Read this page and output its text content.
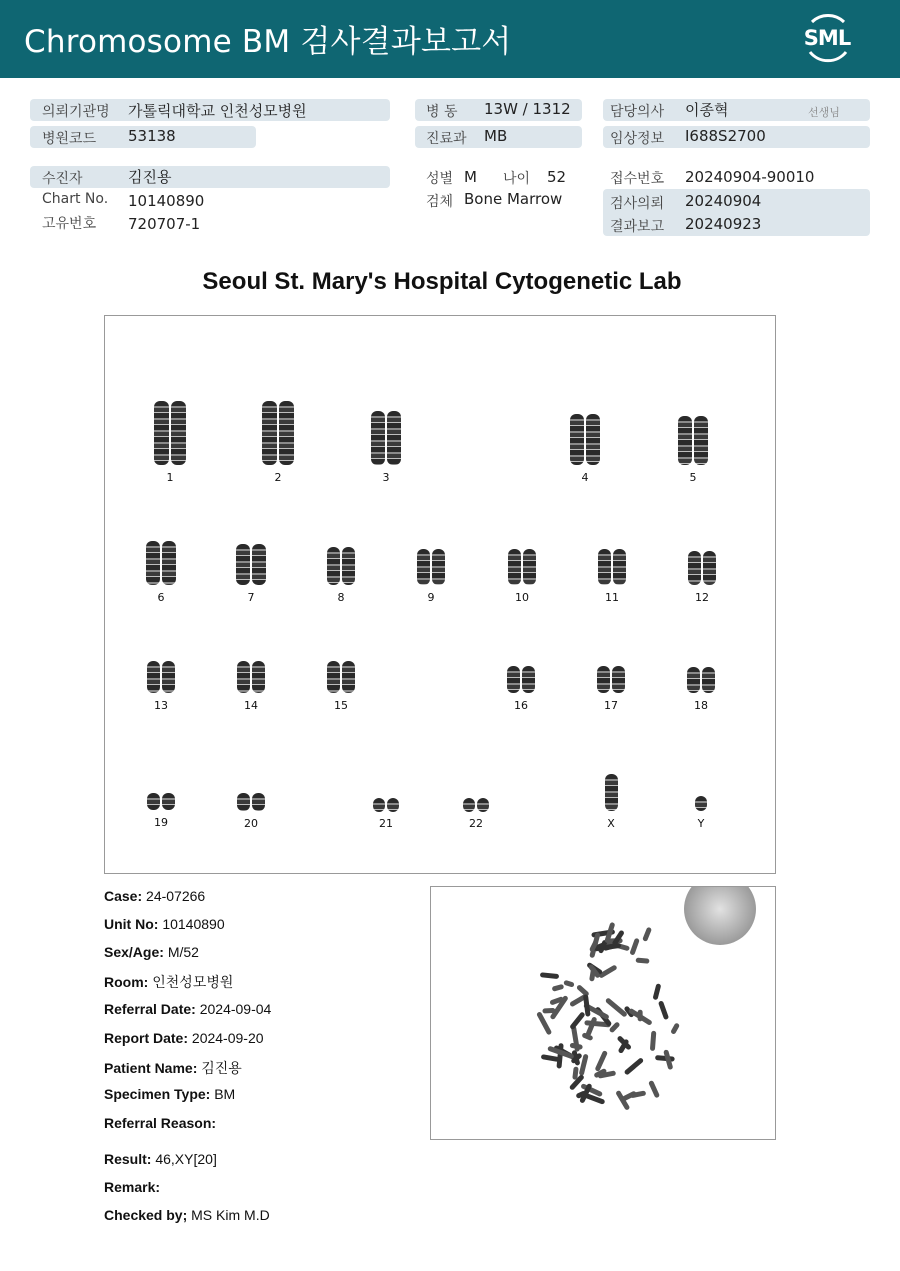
Chromosome BM 검사결과보고서	SML
의뢰기관명 가톨릭대학교 인천성모병원	병 동 13W / 1312	담당의사 이종혁	선생님
병원코드 53138	진료과 MB	임상정보 I688S2700
수진자	김진용
Chart No. 10140890
고유번호 720707-1
성별 M 나이 52
검체 Bone Marrow
접수번호 20240904-90010
검사의뢰 20240904
결과보고 20240923
Seoul St. Mary's Hospital Cytogenetic Lab
1	2	3	4	5
6	7	8	9	10	11	12
13	14	15	16	17	18
19	20	21	22	X	Y
Case: 24-07266
Unit No: 10140890
Sex/Age: M/52
Room: 인천성모병원
Referral Date: 2024-09-04
Report Date: 2024-09-20
Patient Name: 김진용
Specimen Type: BM
Referral Reason:
Result: 46,XY[20]
Remark:
Checked by; MS Kim M.D
